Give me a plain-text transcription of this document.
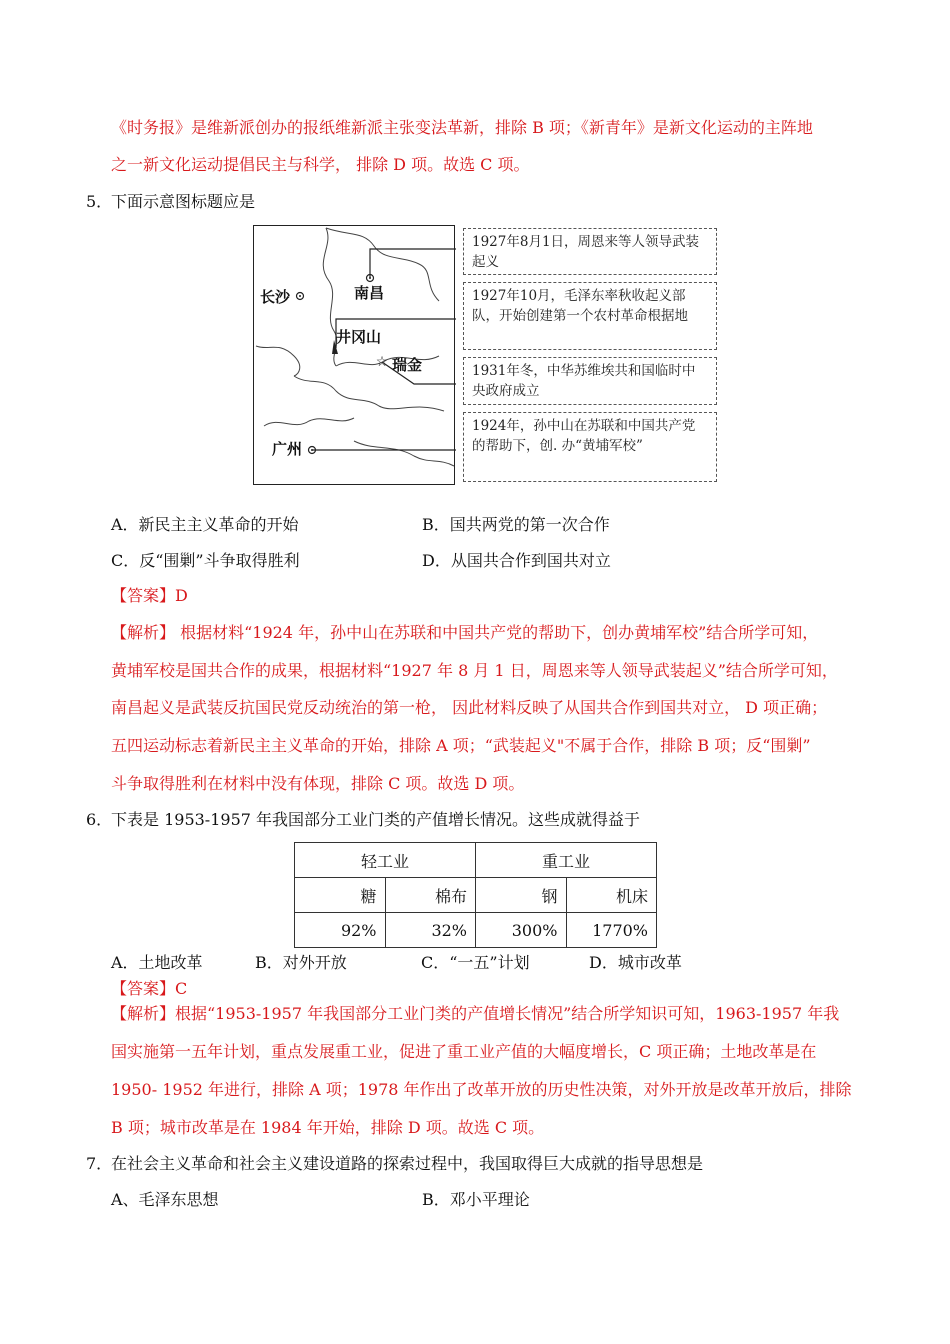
《时务报》是维新派创办的报纸维新派主张变法革新，排除 B 项；《新青年》是新文化运动的主阵地
之一新文化运动提倡民主与科学， 排除 D 项。故选 C 项。
5．
下面示意图标题应是
☆
长沙	南昌
井冈山
瑞金
广州
1927年8月1日，周恩来等人领导武装起义
1927年10月，毛泽东率秋收起义部队，开始创建第一个农村革命根据地
1931年冬，中华苏维埃共和国临时中央政府成立
1924年，孙中山在苏联和中国共产党的帮助下，创. 办“黄埔军校”
A．新民主主义革命的开始	B．国共两党的第一次合作
C．反“围剿”斗争取得胜利	D．从国共合作到国共对立
【答案】D
【解析】 根据材料“1924 年，孙中山在苏联和中国共产党的帮助下，创办黄埔军校”结合所学可知，
黄埔军校是国共合作的成果，根据材料“1927 年 8 月 1 日，周恩来等人领导武装起义”结合所学可知，
南昌起义是武装反抗国民党反动统治的第一枪， 因此材料反映了从国共合作到国共对立， D 项正确；
五四运动标志着新民主主义革命的开始，排除 A 项；“武装起义"不属于合作，排除 B 项；反“围剿”
斗争取得胜利在材料中没有体现，排除 C 项。故选 D 项。
6．
下表是 1953-1957 年我国部分工业门类的产值增长情况。这些成就得益于
轻工业		重工业	
糖	棉布	钢	机床
92%	32%	300%	1770%
A．土地改革	B．对外开放	C．“一五”计划	D．城市改革
【答案】C
【解析】根据“1953-1957 年我国部分工业门类的产值增长情况”结合所学知识可知，1963-1957 年我
国实施第一五年计划，重点发展重工业，促进了重工业产值的大幅度增长，C 项正确；土地改革是在
1950- 1952 年进行，排除 A 项；1978 年作出了改革开放的历史性决策，对外开放是改革开放后，排除
B 项；城市改革是在 1984 年开始，排除 D 项。故选 C 项。
7．
在社会主义革命和社会主义建设道路的探索过程中，我国取得巨大成就的指导思想是
A、毛泽东思想	B．邓小平理论
